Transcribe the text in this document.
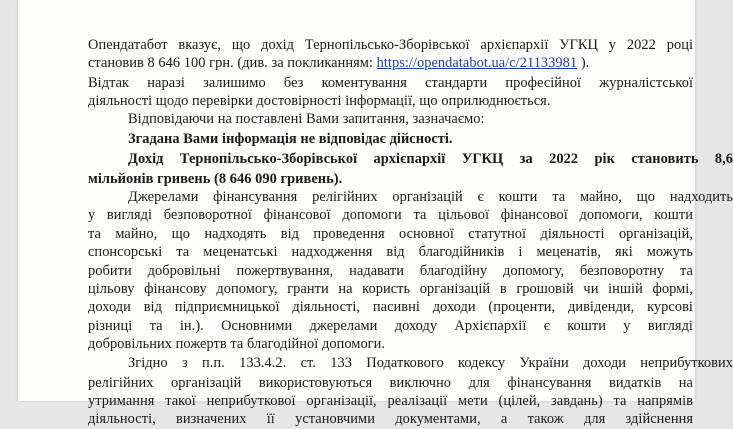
Опендатабот вказує, що дохід Тернопільсько-Зборівської архієпархії УГКЦ у 2022 році
становив 8 646 100 грн. (див. за покликанням: https://opendatabot.ua/c/21133981 ).
Відтак наразі залишимо без коментування стандарти професійної журналістської
діяльності щодо перевірки достовірності інформації, що оприлюднюється.
Відповідаючи на поставлені Вами запитання, зазначаємо:
Згадана Вами інформація не відповідає дійсності.
Дохід Тернопільсько-Зборівської архієпархії УГКЦ за 2022 рік становить 8,6
мільйонів гривень (8 646 090 гривень).
Джерелами фінансування релігійних організацій є кошти та майно, що надходить
у вигляді безповоротної фінансової допомоги та цільової фінансової допомоги, кошти
та майно, що надходять від проведення основної статутної діяльності організацій,
спонсорські та меценатські надходження від благодійників і меценатів, які можуть
робити добровільні пожертвування, надавати благодійну допомогу, безповоротну та
цільову фінансову допомогу, гранти на користь організацій в грошовій чи іншій формі,
доходи від підприємницької діяльності, пасивні доходи (проценти, дивіденди, курсові
різниці та ін.). Основними джерелами доходу Архієпархії є кошти у вигляді
добровільних пожертв та благодійної допомоги.
Згідно з п.п. 133.4.2. ст. 133 Податкового кодексу України доходи неприбуткових
релігійних організацій використовуються виключно для фінансування видатків на
утримання такої неприбуткової організації, реалізації мети (цілей, завдань) та напрямів
діяльності, визначених її установчими документами, а також для здійснення
